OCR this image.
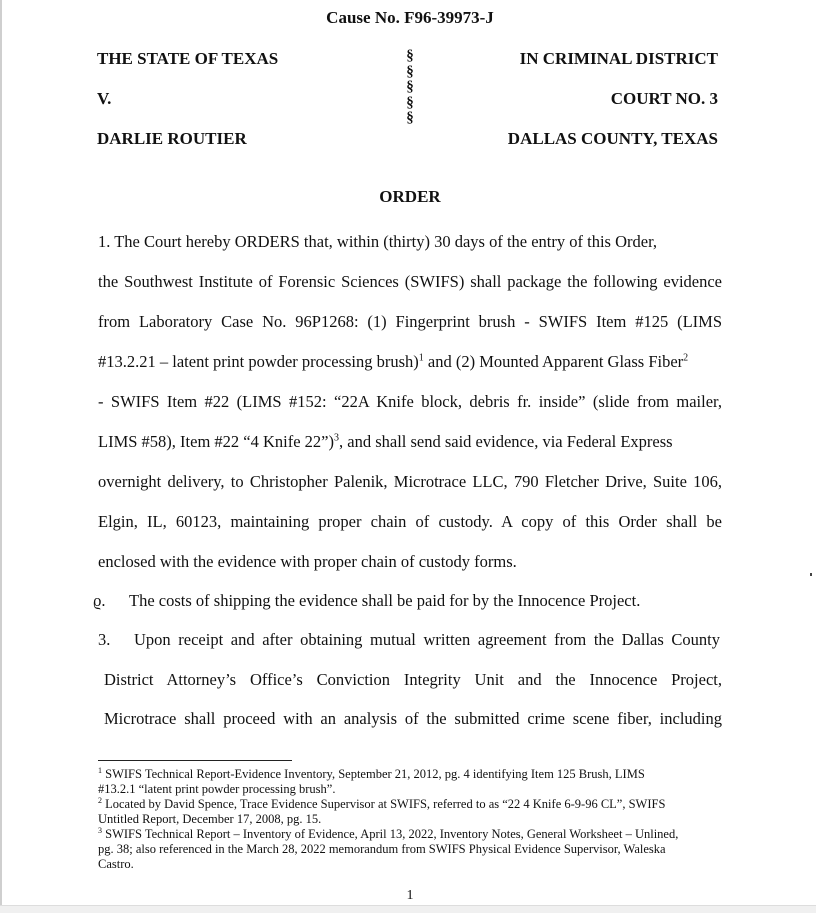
Cause No. F96-39973-J
THE STATE OF TEXAS
V.
DARLIE ROUTIER
§
§
§
§
§
IN CRIMINAL DISTRICT
COURT NO. 3
DALLAS COUNTY, TEXAS
ORDER
1. The Court hereby ORDERS that, within (thirty) 30 days of the entry of this Order,
the Southwest Institute of Forensic Sciences (SWIFS) shall package the following evidence
from Laboratory Case No. 96P1268: (1) Fingerprint brush - SWIFS Item #125 (LIMS
#13.2.21 – latent print powder processing brush)$^1$ and (2) Mounted Apparent Glass Fiber$^2$
- SWIFS Item #22 (LIMS #152: “22A Knife block, debris fr. inside” (slide from mailer,
LIMS #58), Item #22 “4 Knife 22”)$^3$, and shall send said evidence, via Federal Express
overnight delivery, to Christopher Palenik, Microtrace LLC, 790 Fletcher Drive, Suite 106,
Elgin, IL, 60123, maintaining proper chain of custody. A copy of this Order shall be
enclosed with the evidence with proper chain of custody forms.
ϱ. The costs of shipping the evidence shall be paid for by the Innocence Project.
3. Upon receipt and after obtaining mutual written agreement from the Dallas County
District Attorney’s Office’s Conviction Integrity Unit and the Innocence Project,
Microtrace shall proceed with an analysis of the submitted crime scene fiber, including
$^1$ SWIFS Technical Report-Evidence Inventory, September 21, 2012, pg. 4 identifying Item 125 Brush, LIMS
#13.2.1 “latent print powder processing brush”.
$^2$ Located by David Spence, Trace Evidence Supervisor at SWIFS, referred to as “22 4 Knife 6-9-96 CL”, SWIFS
Untitled Report, December 17, 2008, pg. 15.
$^3$ SWIFS Technical Report – Inventory of Evidence, April 13, 2022, Inventory Notes, General Worksheet – Unlined,
pg. 38; also referenced in the March 28, 2022 memorandum from SWIFS Physical Evidence Supervisor, Waleska
Castro.
1
